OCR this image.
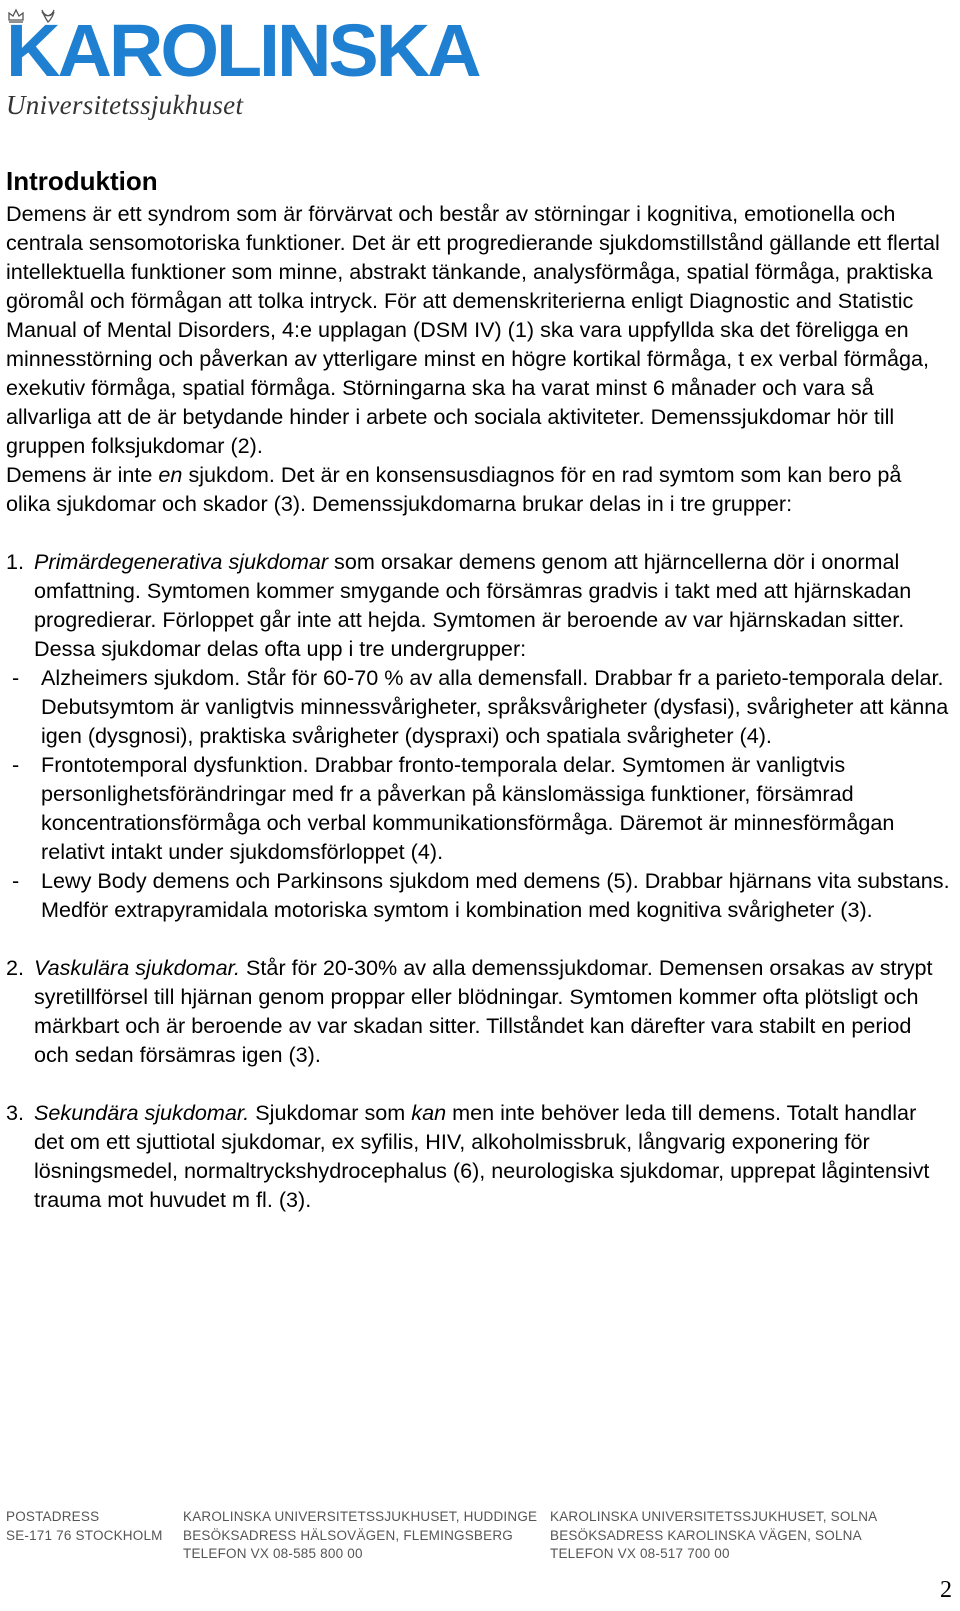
KAROLINSKA
Universitetssjukhuset
Introduktion

Demens är ett syndrom som är förvärvat och består av störningar i kognitiva, emotionella och centrala sensomotoriska funktioner. Det är ett progredierande sjukdomstillstånd gällande ett flertal intellektuella funktioner som minne, abstrakt tänkande, analysförmåga, spatial förmåga, praktiska göromål och förmågan att tolka intryck. För att demenskriterierna enligt Diagnostic and Statistic Manual of Mental Disorders, 4:e upplagan (DSM IV) (1) ska vara uppfyllda ska det föreligga en minnesstörning och påverkan av ytterligare minst en högre kortikal förmåga, t ex verbal förmåga, exekutiv förmåga, spatial förmåga. Störningarna ska ha varat minst 6 månader och vara så allvarliga att de är betydande hinder i arbete och sociala aktiviteter. Demenssjukdomar hör till gruppen folksjukdomar (2).

Demens är inte en sjukdom. Det är en konsensusdiagnos för en rad symtom som kan bero på olika sjukdomar och skador (3). Demenssjukdomarna brukar delas in i tre grupper:

1. Primärdegenerativa sjukdomar som orsakar demens genom att hjärncellerna dör i onormal omfattning. Symtomen kommer smygande och försämras gradvis i takt med att hjärnskadan progredierar. Förloppet går inte att hejda. Symtomen är beroende av var hjärnskadan sitter. Dessa sjukdomar delas ofta upp i tre undergrupper:

-	Alzheimers sjukdom. Står för 60-70 % av alla demensfall. Drabbar fr a parieto-temporala delar. Debutsymtom är vanligtvis minnessvårigheter, språksvårigheter (dysfasi), svårigheter att känna igen (dysgnosi), praktiska svårigheter (dyspraxi) och spatiala svårigheter (4).
-	Frontotemporal dysfunktion. Drabbar fronto-temporala delar. Symtomen är vanligtvis personlighetsförändringar med fr a påverkan på känslomässiga funktioner, försämrad koncentrationsförmåga och verbal kommunikationsförmåga. Däremot är minnesförmågan relativt intakt under sjukdomsförloppet (4).
-	Lewy Body demens och Parkinsons sjukdom med demens (5). Drabbar hjärnans vita substans. Medför extrapyramidala motoriska symtom i kombination med kognitiva svårigheter (3).
2. Vaskulära sjukdomar. Står för 20-30% av alla demenssjukdomar. Demensen orsakas av strypt syretillförsel till hjärnan genom proppar eller blödningar. Symtomen kommer ofta plötsligt och märkbart och är beroende av var skadan sitter. Tillståndet kan därefter vara stabilt en period och sedan försämras igen (3).

3. Sekundära sjukdomar. Sjukdomar som kan men inte behöver leda till demens. Totalt handlar det om ett sjuttiotal sjukdomar, ex syfilis, HIV, alkoholmissbruk, långvarig exponering för lösningsmedel, normaltryckshydrocephalus (6), neurologiska sjukdomar, upprepat lågintensivt trauma mot huvudet m fl. (3).

POSTADRESS
SE-171 76 STOCKHOLM
KAROLINSKA UNIVERSITETSSJUKHUSET, HUDDINGE
BESÖKSADRESS HÄLSOVÄGEN, FLEMINGSBERG
TELEFON VX 08-585 800 00
KAROLINSKA UNIVERSITETSSJUKHUSET, SOLNA
BESÖKSADRESS KAROLINSKA VÄGEN, SOLNA
TELEFON VX 08-517 700 00
2
